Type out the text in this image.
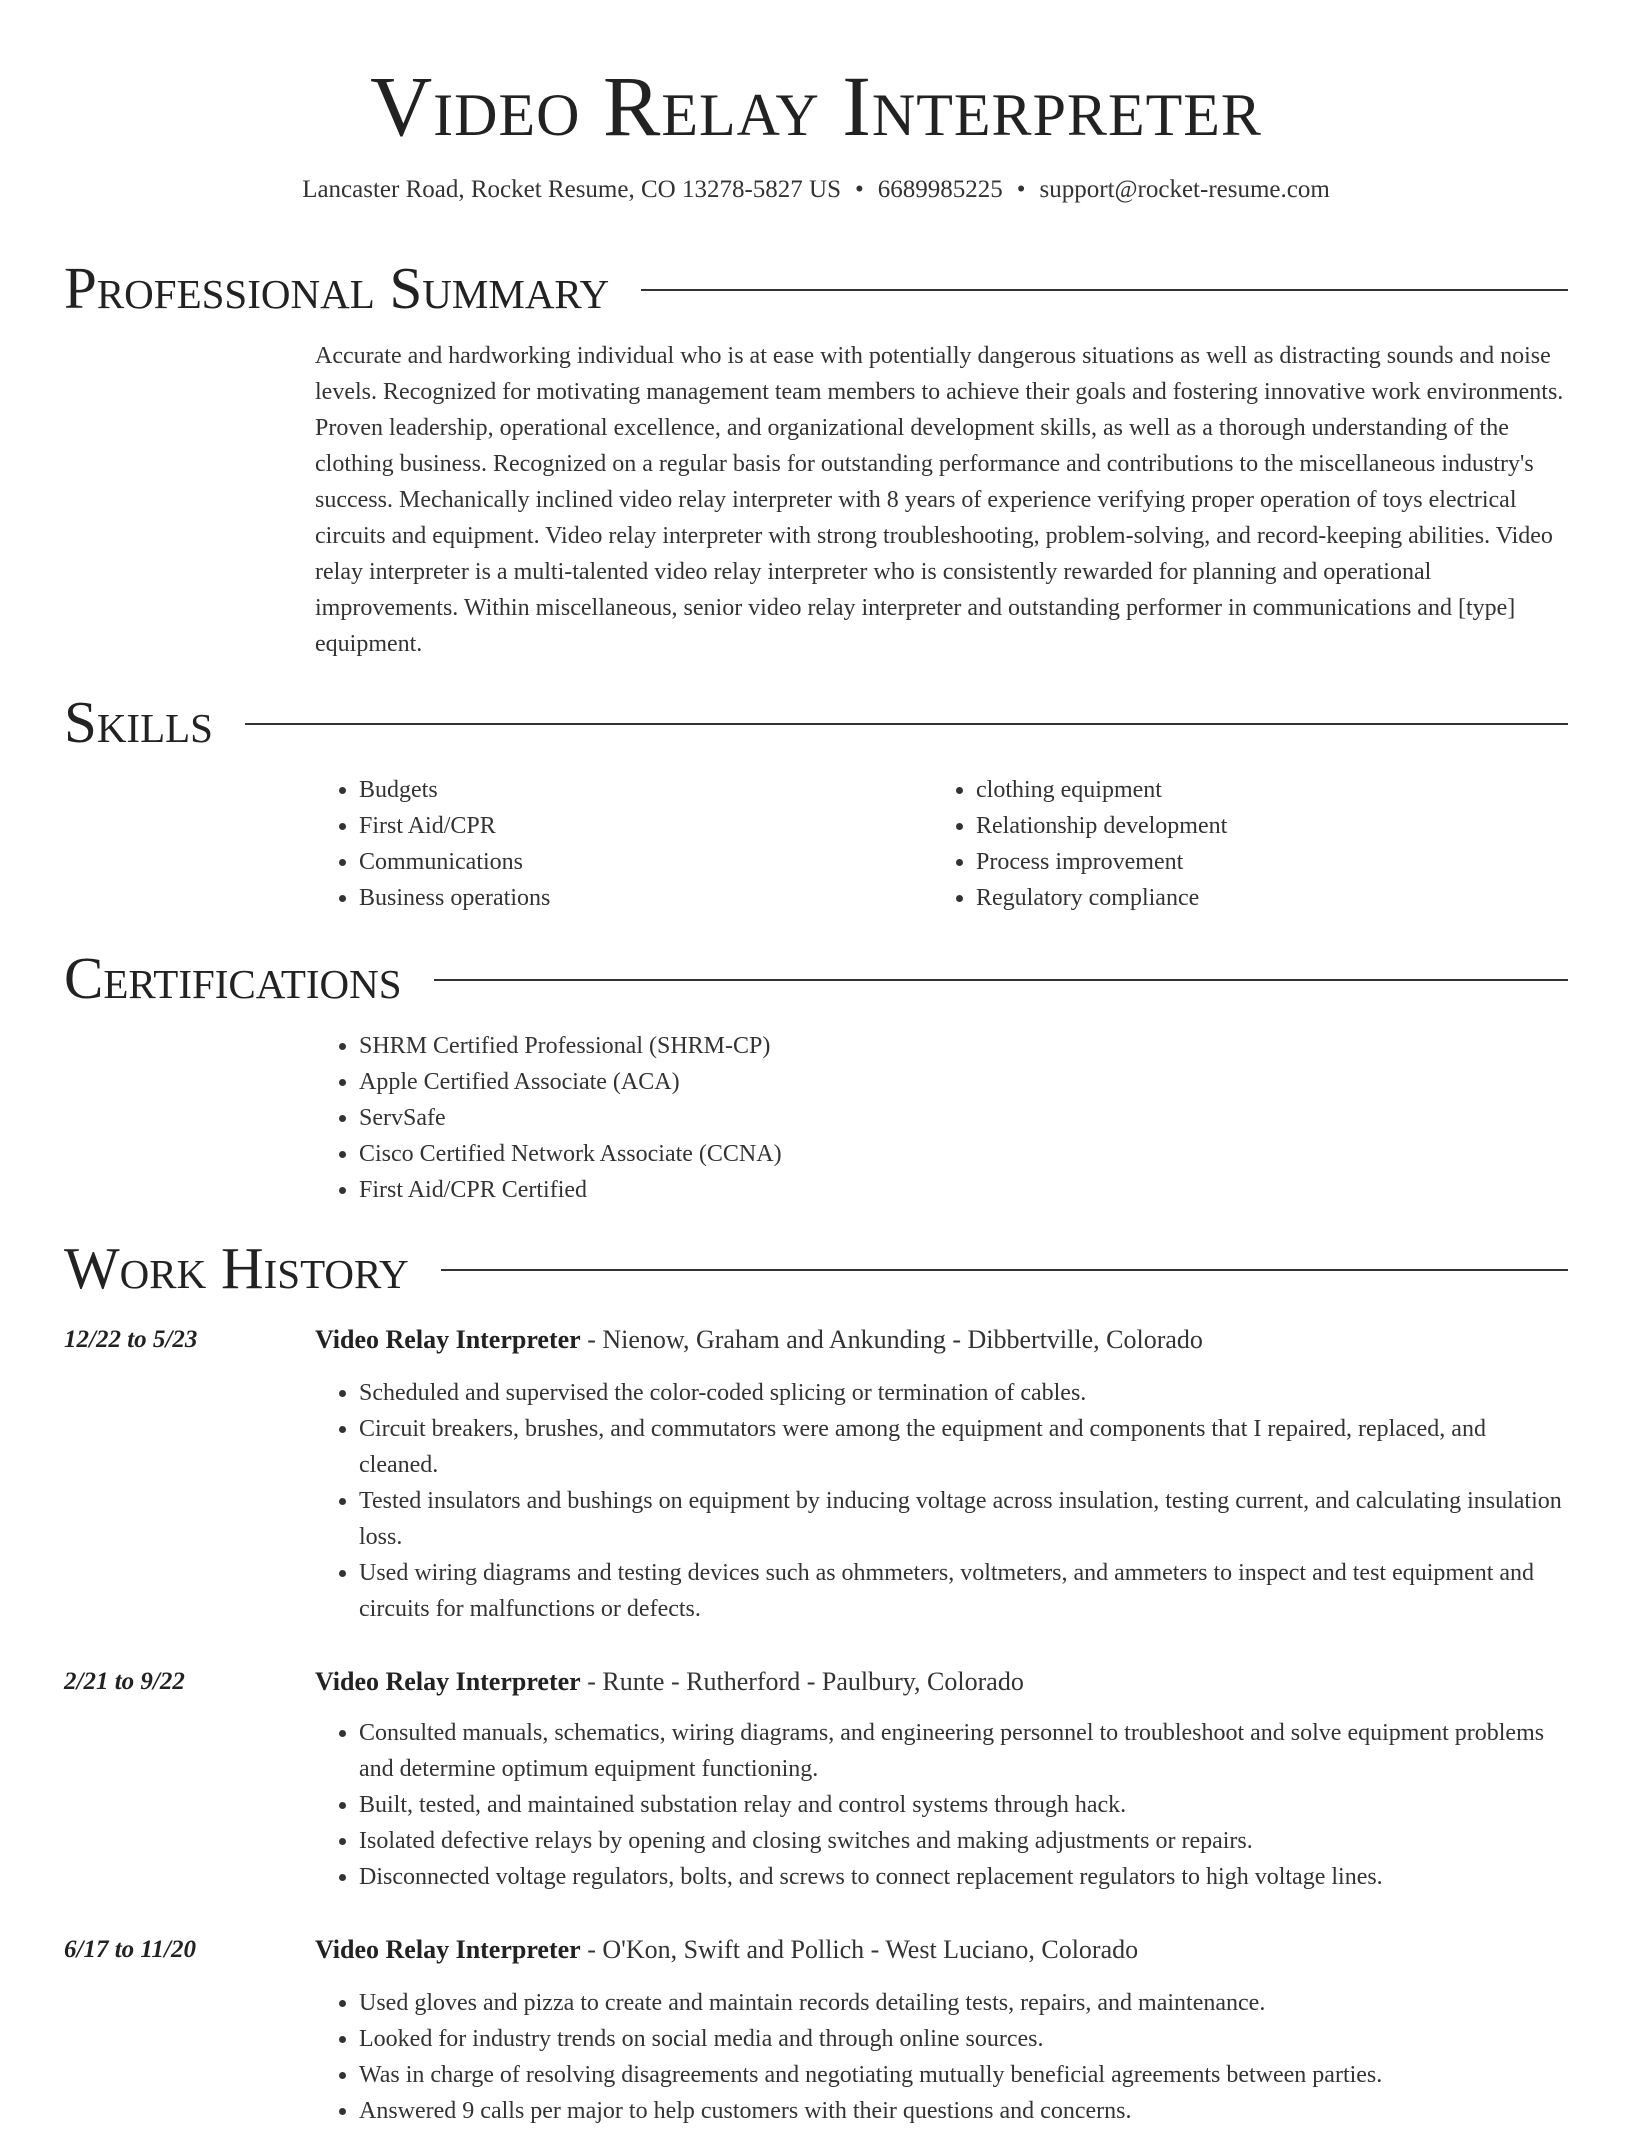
Video Relay Interpreter
Lancaster Road, Rocket Resume, CO 13278-5827 US • 6689985225 • support@rocket-resume.com
Professional Summary

Accurate and hardworking individual who is at ease with potentially dangerous situations as well as distracting sounds and noise levels. Recognized for motivating management team members to achieve their goals and fostering innovative work environments. Proven leadership, operational excellence, and organizational development skills, as well as a thorough understanding of the clothing business. Recognized on a regular basis for outstanding performance and contributions to the miscellaneous industry's success. Mechanically inclined video relay interpreter with 8 years of experience verifying proper operation of toys electrical circuits and equipment. Video relay interpreter with strong troubleshooting, problem-solving, and record-keeping abilities. Video relay interpreter is a multi-talented video relay interpreter who is consistently rewarded for planning and operational improvements. Within miscellaneous, senior video relay interpreter and outstanding performer in communications and [type] equipment.

Skills
• Budgets
• First Aid/CPR
• Communications
• Business operations
• clothing equipment
• Relationship development
• Process improvement
• Regulatory compliance
Certifications
• SHRM Certified Professional (SHRM-CP)
• Apple Certified Associate (ACA)
• ServSafe
• Cisco Certified Network Associate (CCNA)
• First Aid/CPR Certified
Work History
12/22 to 5/23	Video Relay Interpreter - Nienow, Graham and Ankunding - Dibbertville, Colorado
• Scheduled and supervised the color-coded splicing or termination of cables.
• Circuit breakers, brushes, and commutators were among the equipment and components that I repaired, replaced, and cleaned.
• Tested insulators and bushings on equipment by inducing voltage across insulation, testing current, and calculating insulation loss.
• Used wiring diagrams and testing devices such as ohmmeters, voltmeters, and ammeters to inspect and test equipment and circuits for malfunctions or defects.
2/21 to 9/22	Video Relay Interpreter - Runte - Rutherford - Paulbury, Colorado
• Consulted manuals, schematics, wiring diagrams, and engineering personnel to troubleshoot and solve equipment problems and determine optimum equipment functioning.
• Built, tested, and maintained substation relay and control systems through hack.
• Isolated defective relays by opening and closing switches and making adjustments or repairs.
• Disconnected voltage regulators, bolts, and screws to connect replacement regulators to high voltage lines.
6/17 to 11/20	Video Relay Interpreter - O'Kon, Swift and Pollich - West Luciano, Colorado
• Used gloves and pizza to create and maintain records detailing tests, repairs, and maintenance.
• Looked for industry trends on social media and through online sources.
• Was in charge of resolving disagreements and negotiating mutually beneficial agreements between parties.
• Answered 9 calls per major to help customers with their questions and concerns.
